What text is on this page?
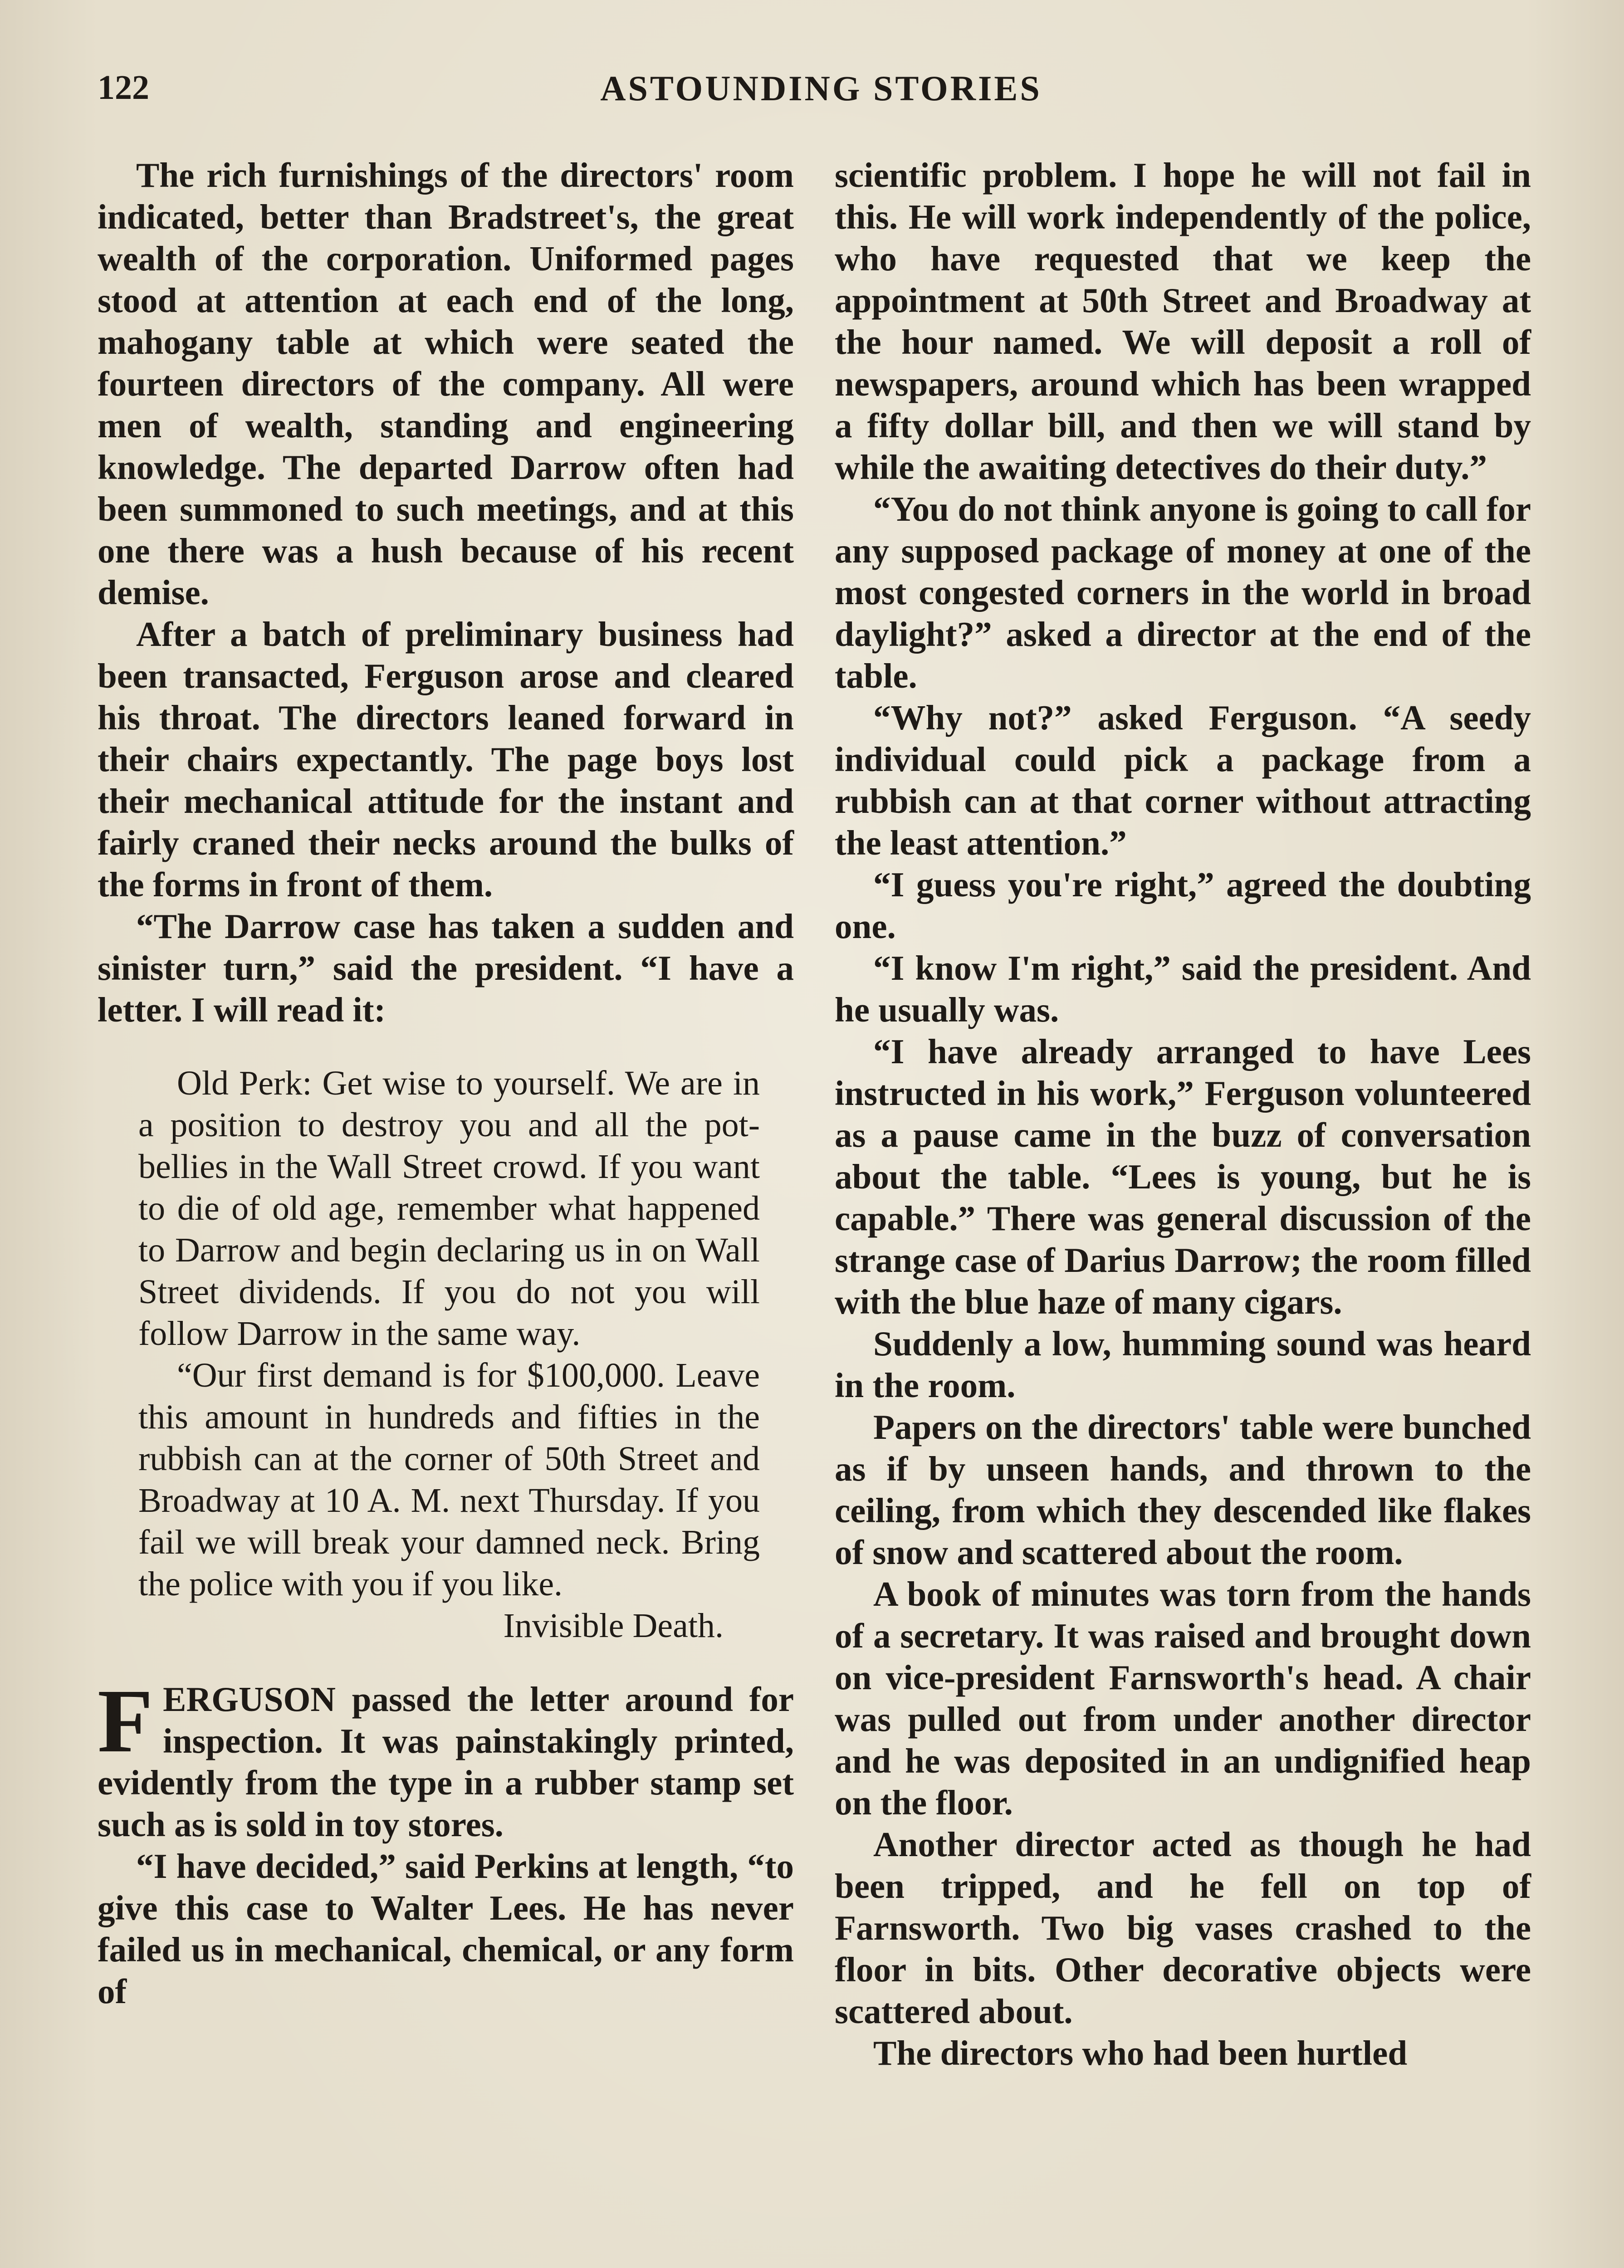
122	ASTOUNDING STORIES

The rich furnishings of the directors' room indicated, better than Bradstreet's, the great wealth of the corporation. Uniformed pages stood at attention at each end of the long, mahogany table at which were seated the fourteen directors of the company. All were men of wealth, standing and engineering knowledge. The departed Darrow often had been summoned to such meetings, and at this one there was a hush because of his recent demise.

After a batch of preliminary business had been transacted, Ferguson arose and cleared his throat. The directors leaned forward in their chairs expectantly. The page boys lost their mechanical attitude for the instant and fairly craned their necks around the bulks of the forms in front of them.

“The Darrow case has taken a sudden and sinister turn,” said the president. “I have a letter. I will read it:

Old Perk: Get wise to yourself. We are in a position to destroy you and all the pot-bellies in the Wall Street crowd. If you want to die of old age, remember what happened to Darrow and begin declaring us in on Wall Street dividends. If you do not you will follow Darrow in the same way.

“Our first demand is for $100,000. Leave this amount in hundreds and fifties in the rubbish can at the corner of 50th Street and Broadway at 10 A. M. next Thursday. If you fail we will break your damned neck. Bring the police with you if you like.

Invisible Death.

FERGUSON passed the letter around for inspection. It was painstakingly printed, evidently from the type in a rubber stamp set such as is sold in toy stores.

“I have decided,” said Perkins at length, “to give this case to Walter Lees. He has never failed us in mechanical, chemical, or any form of

scientific problem. I hope he will not fail in this. He will work independently of the police, who have requested that we keep the appointment at 50th Street and Broadway at the hour named. We will deposit a roll of newspapers, around which has been wrapped a fifty dollar bill, and then we will stand by while the awaiting detectives do their duty.”

“You do not think anyone is going to call for any supposed package of money at one of the most congested corners in the world in broad daylight?” asked a director at the end of the table.

“Why not?” asked Ferguson. “A seedy individual could pick a package from a rubbish can at that corner without attracting the least attention.”

“I guess you're right,” agreed the doubting one.

“I know I'm right,” said the president. And he usually was.

“I have already arranged to have Lees instructed in his work,” Ferguson volunteered as a pause came in the buzz of conversation about the table. “Lees is young, but he is capable.” There was general discussion of the strange case of Darius Darrow; the room filled with the blue haze of many cigars.

Suddenly a low, humming sound was heard in the room.

Papers on the directors' table were bunched as if by unseen hands, and thrown to the ceiling, from which they descended like flakes of snow and scattered about the room.

A book of minutes was torn from the hands of a secretary. It was raised and brought down on vice-president Farnsworth's head. A chair was pulled out from under another director and he was deposited in an undignified heap on the floor.

Another director acted as though he had been tripped, and he fell on top of Farnsworth. Two big vases crashed to the floor in bits. Other decorative objects were scattered about.

The directors who had been hurtled
